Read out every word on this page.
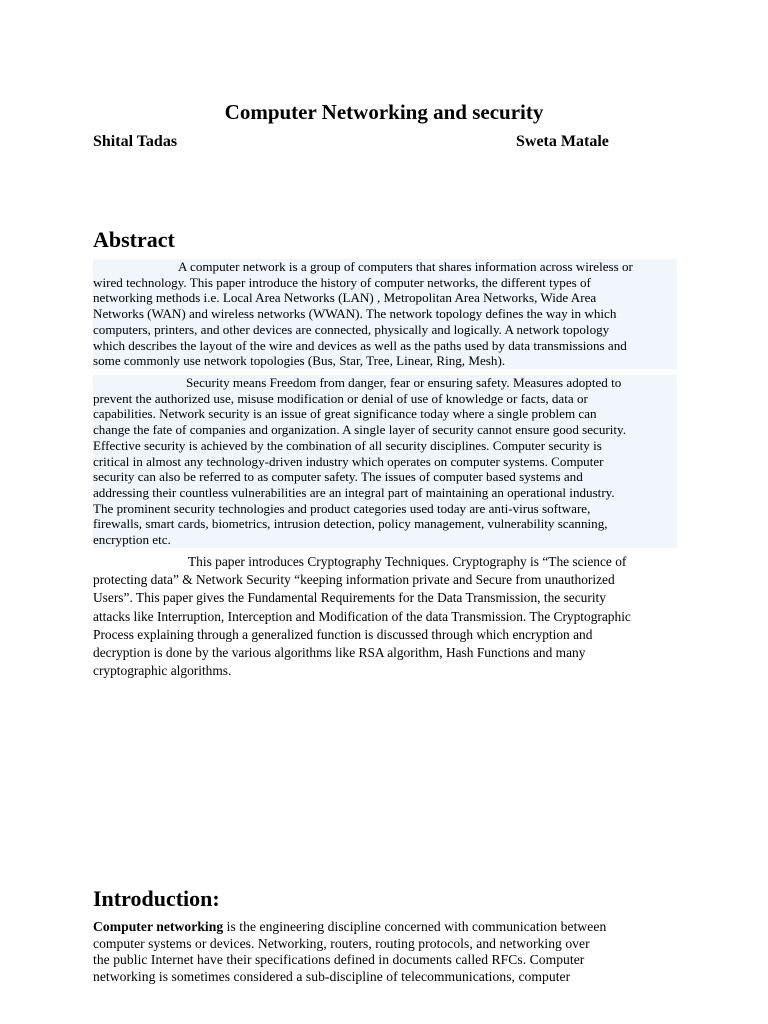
Computer Networking and security
Shital Tadas	Sweta Matale
Abstract
A computer network is a group of computers that shares information across wireless or
wired technology. This paper introduce the history of computer networks, the different types of
networking methods i.e. Local Area Networks (LAN) , Metropolitan Area Networks, Wide Area
Networks (WAN) and wireless networks (WWAN). The network topology defines the way in which
computers, printers, and other devices are connected, physically and logically. A network topology
which describes the layout of the wire and devices as well as the paths used by data transmissions and
some commonly use network topologies (Bus, Star, Tree, Linear, Ring, Mesh).
Security means Freedom from danger, fear or ensuring safety. Measures adopted to
prevent the authorized use, misuse modification or denial of use of knowledge or facts, data or
capabilities. Network security is an issue of great significance today where a single problem can
change the fate of companies and organization. A single layer of security cannot ensure good security.
Effective security is achieved by the combination of all security disciplines. Computer security is
critical in almost any technology-driven industry which operates on computer systems. Computer
security can also be referred to as computer safety. The issues of computer based systems and
addressing their countless vulnerabilities are an integral part of maintaining an operational industry.
The prominent security technologies and product categories used today are anti-virus software,
firewalls, smart cards, biometrics, intrusion detection, policy management, vulnerability scanning,
encryption etc.
This paper introduces Cryptography Techniques. Cryptography is “The science of
protecting data” & Network Security “keeping information private and Secure from unauthorized
Users”. This paper gives the Fundamental Requirements for the Data Transmission, the security
attacks like Interruption, Interception and Modification of the data Transmission. The Cryptographic
Process explaining through a generalized function is discussed through which encryption and
decryption is done by the various algorithms like RSA algorithm, Hash Functions and many
cryptographic algorithms.
Introduction:
Computer networking is the engineering discipline concerned with communication between
computer systems or devices. Networking, routers, routing protocols, and networking over
the public Internet have their specifications defined in documents called RFCs. Computer
networking is sometimes considered a sub-discipline of telecommunications, computer
